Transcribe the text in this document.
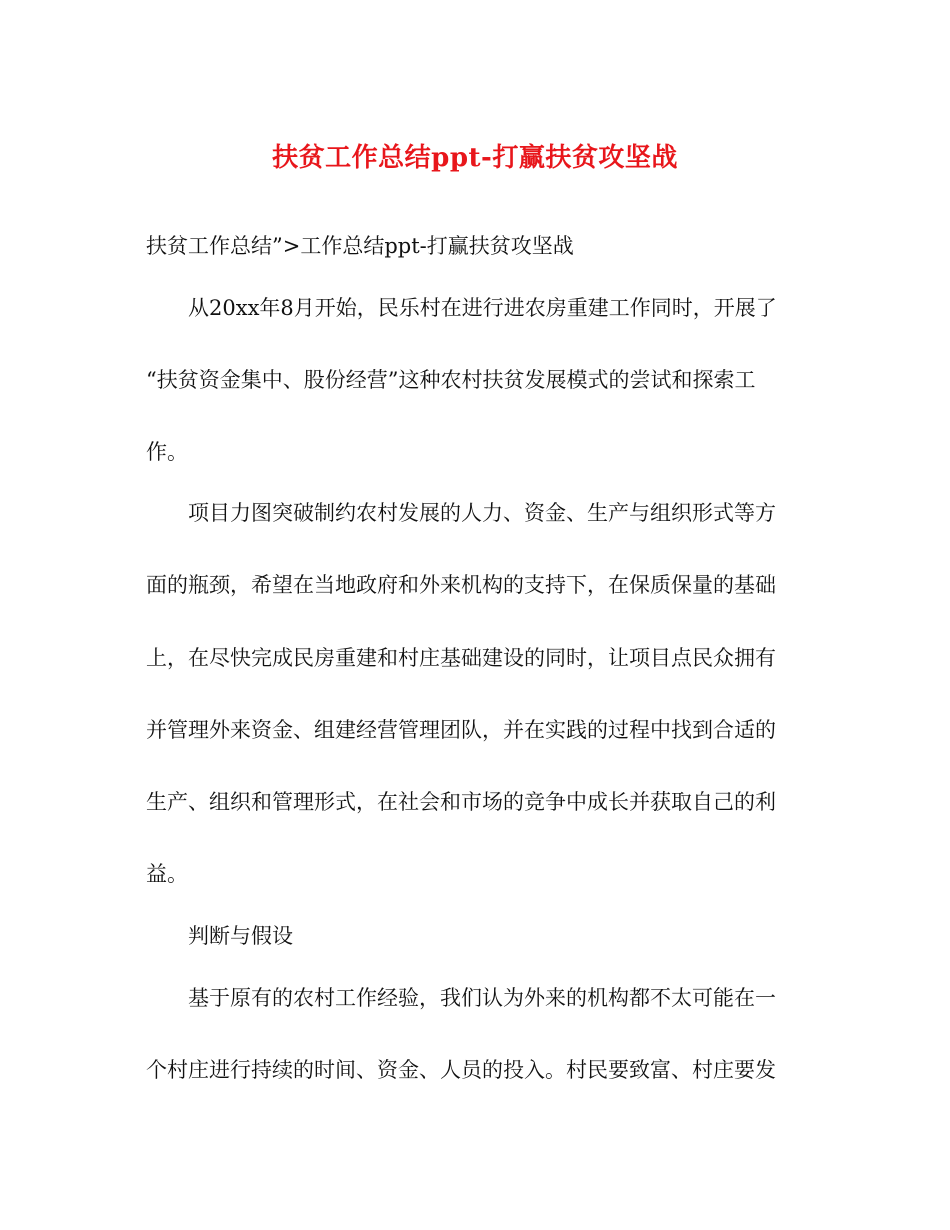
扶贫工作总结ppt-打赢扶贫攻坚战
扶贫工作总结”>工作总结ppt-打赢扶贫攻坚战
　　从20xx年8月开始，民乐村在进行进农房重建工作同时，开展了
“扶贫资金集中、股份经营”这种农村扶贫发展模式的尝试和探索工
作。
　　项目力图突破制约农村发展的人力、资金、生产与组织形式等方
面的瓶颈，希望在当地政府和外来机构的支持下，在保质保量的基础
上，在尽快完成民房重建和村庄基础建设的同时，让项目点民众拥有
并管理外来资金、组建经营管理团队，并在实践的过程中找到合适的
生产、组织和管理形式，在社会和市场的竞争中成长并获取自己的利
益。
　　判断与假设
　　基于原有的农村工作经验，我们认为外来的机构都不太可能在一
个村庄进行持续的时间、资金、人员的投入。村民要致富、村庄要发
